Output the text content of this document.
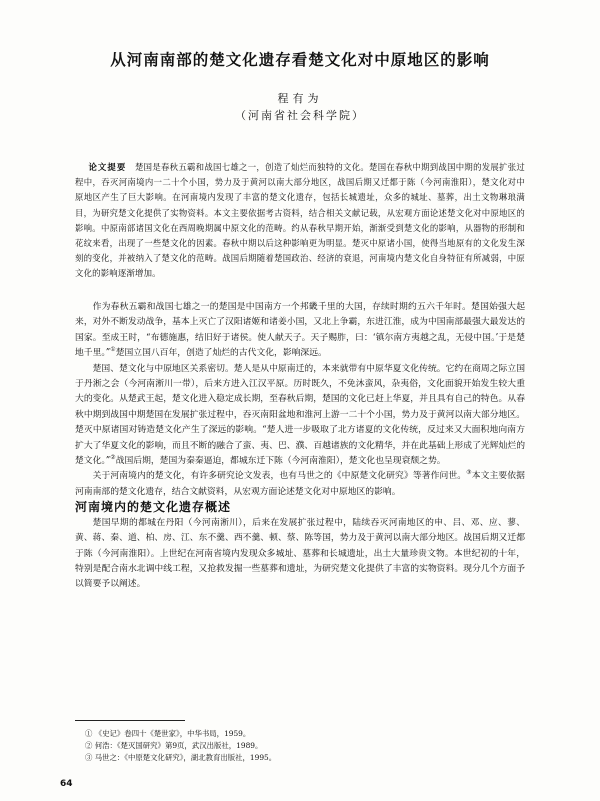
从河南南部的楚文化遗存看楚文化对中原地区的影响
程有为
（河南省社会科学院）
论文提要　 楚国是春秋五霸和战国七雄之一，创造了灿烂而独特的文化。楚国在春秋中期到战国中期的发展扩张过程中，吞灭河南境内一二十个小国，势力及于黄河以南大部分地区，战国后期又迁都于陈（今河南淮阳），楚文化对中原地区产生了巨大影响。在河南境内发现了丰富的楚文化遗存，包括长城遗址，众多的城址、墓葬，出土文物琳琅满目，为研究楚文化提供了实物资料。本文主要依据考古资料，结合相关文献记载，从宏观方面论述楚文化对中原地区的影响。中原南部诸国文化在西周晚期属中原文化的范畴。约从春秋早期开始，渐渐受到楚文化的影响，从器物的形制和花纹来看，出现了一些楚文化的因素。春秋中期以后这种影响更为明显。楚灭中原诸小国，使得当地原有的文化发生深刻的变化，并被纳入了楚文化的范畴。战国后期随着楚国政治、经济的衰退，河南境内楚文化自身特征有所减弱，中原文化的影响逐渐增加。

作为春秋五霸和战国七雄之一的楚国是中国南方一个邦畿千里的大国，存续时期约五六千年时。楚国始强大起来，对外不断发动战争，基本上灭亡了汉阳诸姬和诸姜小国，又北上争霸，东进江淮，成为中国南部最强大最发达的国家。至成王时，“布德施惠，结旧好于诸侯。使人献天子。天子赐胙，曰：‘镇尔南方夷越之乱，无侵中国。’于是楚地千里。”①楚国立国八百年，创造了灿烂的古代文化，影响深远。

楚国、楚文化与中原地区关系密切。楚人是从中原南迁的，本来就带有中原华夏文化传统。它约在商周之际立国于丹淅之会（今河南淅川一带），后来方进入江汉平原。历时既久，不免沐蛮风，杂夷俗，文化面貌开始发生较大重大的变化。从楚武王起，楚文化进入稳定成长期，至春秋后期，楚国的文化已赶上华夏，并且具有自己的特色。从春秋中期到战国中期楚国在发展扩张过程中，吞灭南阳盆地和淮河上游一二十个小国，势力及于黄河以南大部分地区。楚灭中原诸国对铸造楚文化产生了深远的影响。“楚人进一步吸取了北方诸夏的文化传统，反过来又大面积地向南方扩大了华夏文化的影响，而且不断的融合了蛮、夷、巴、濮、百越诸族的文化精华，并在此基础上形成了光辉灿烂的楚文化。”②战国后期，楚国为秦秦逼迫，都城东迁下陈（今河南淮阳），楚文化也呈现衰颓之势。

关于河南境内的楚文化，有许多研究论文发表，也有马世之的《中原楚文化研究》等著作问世。③本文主要依据河南南部的楚文化遗存，结合文献资料，从宏观方面论述楚文化对中原地区的影响。

河南境内的楚文化遗存概述

楚国早期的都城在丹阳（今河南淅川），后来在发展扩张过程中，陆续吞灭河南地区的申、吕、邓、应、蓼、黄、蒋、秦、道、柏、房、江、东不羹、西不羹、顿、蔡、陈等国，势力及于黄河以南大部分地区。战国后期又迁都于陈（今河南淮阳）。上世纪在河南省境内发现众多城址、墓葬和长城遗址，出土大量珍贵文物。本世纪初的十年，特别是配合南水北调中线工程，又抢救发掘一些墓葬和遗址，为研究楚文化提供了丰富的实物资料。现分几个方面予以简要予以阐述。

① 《史记》卷四十《楚世家》，中华书局，1959。
② 何浩：《楚灭国研究》第9页，武汉出版社，1989。
③ 马世之：《中原楚文化研究》，湖北教育出版社，1995。
64
